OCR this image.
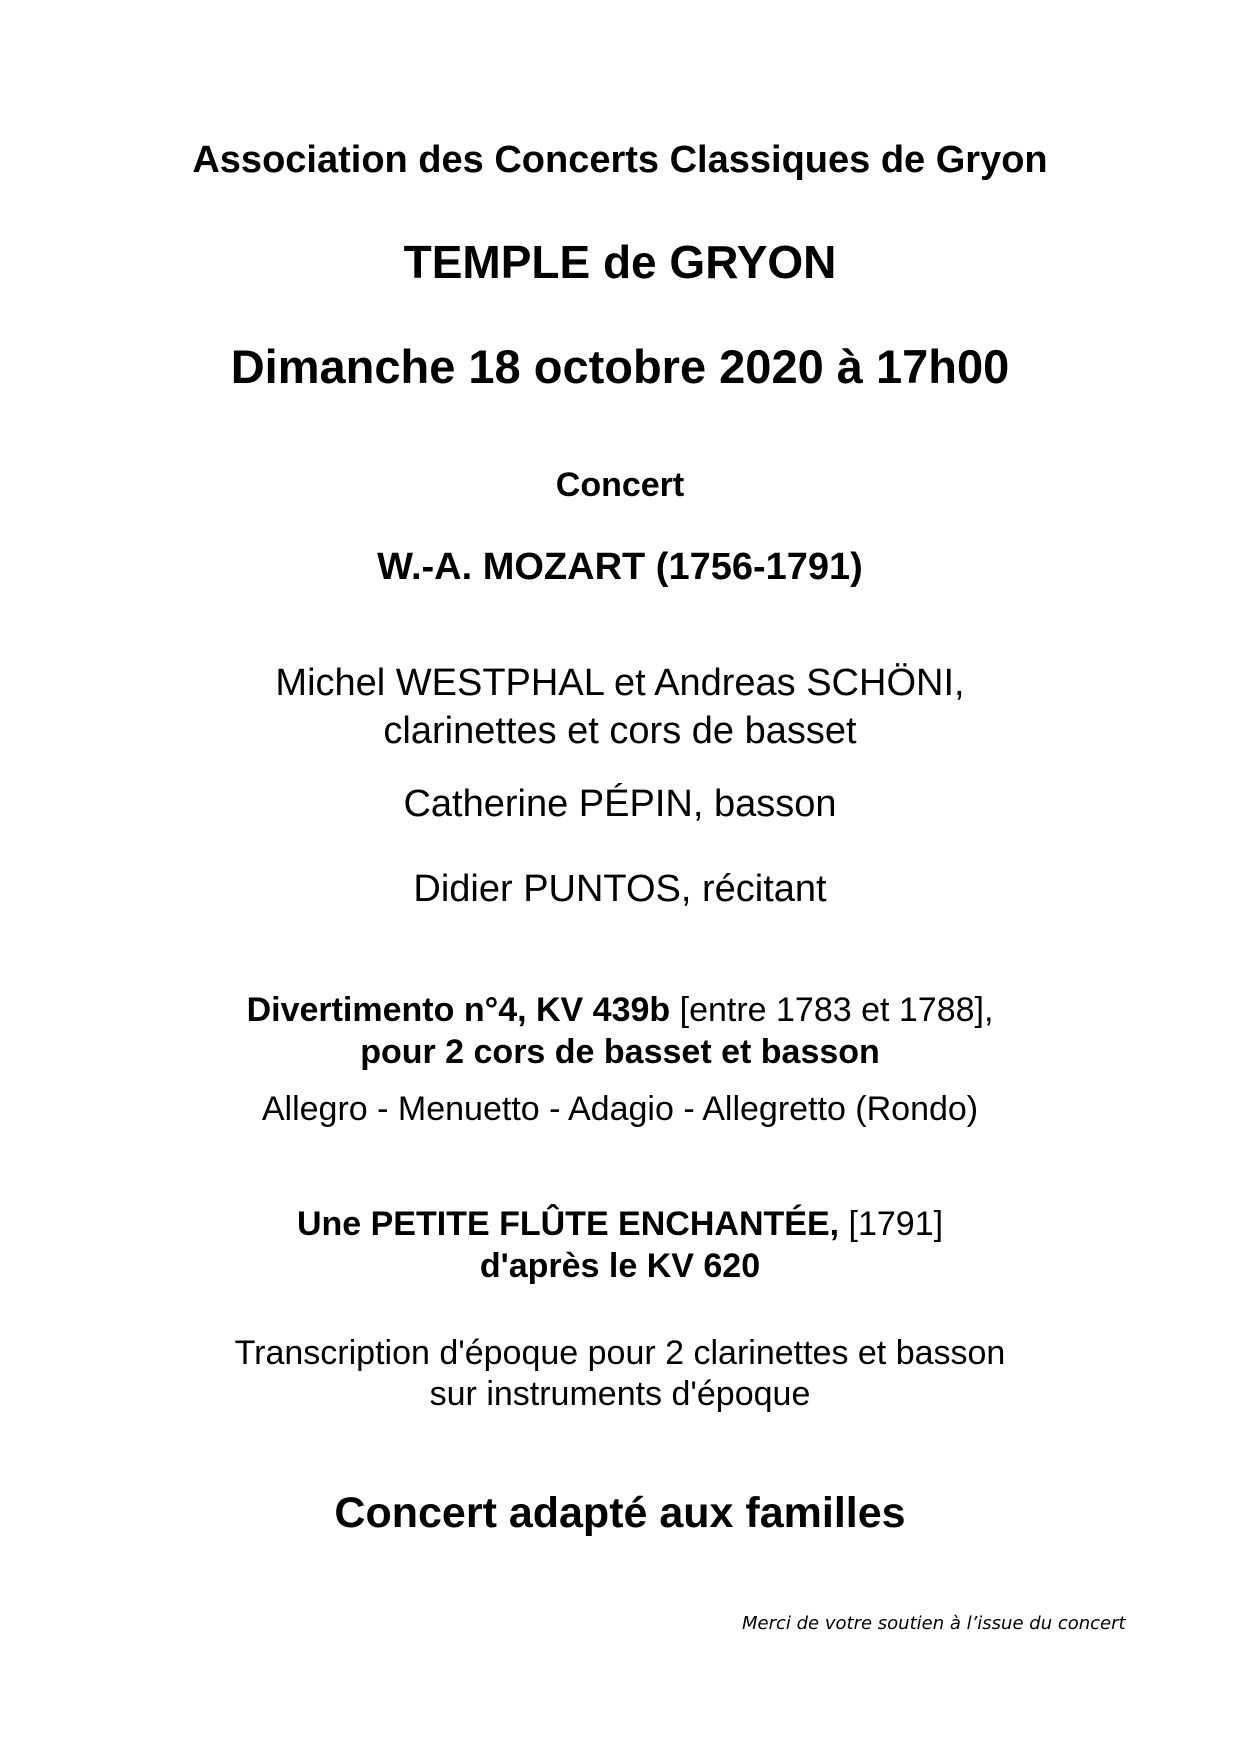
Association des Concerts Classiques de Gryon
TEMPLE de GRYON
Dimanche 18 octobre 2020 à 17h00
Concert
W.-A. MOZART (1756-1791)
Michel WESTPHAL et Andreas SCHÖNI,
clarinettes et cors de basset
Catherine PÉPIN, basson
Didier PUNTOS, récitant
Divertimento n°4, KV 439b [entre 1783 et 1788],
pour 2 cors de basset et basson
Allegro - Menuetto - Adagio - Allegretto (Rondo)
Une PETITE FLÛTE ENCHANTÉE, [1791]
d'après le KV 620
Transcription d'époque pour 2 clarinettes et basson
sur instruments d'époque
Concert adapté aux familles
Merci de votre soutien à l’issue du concert
